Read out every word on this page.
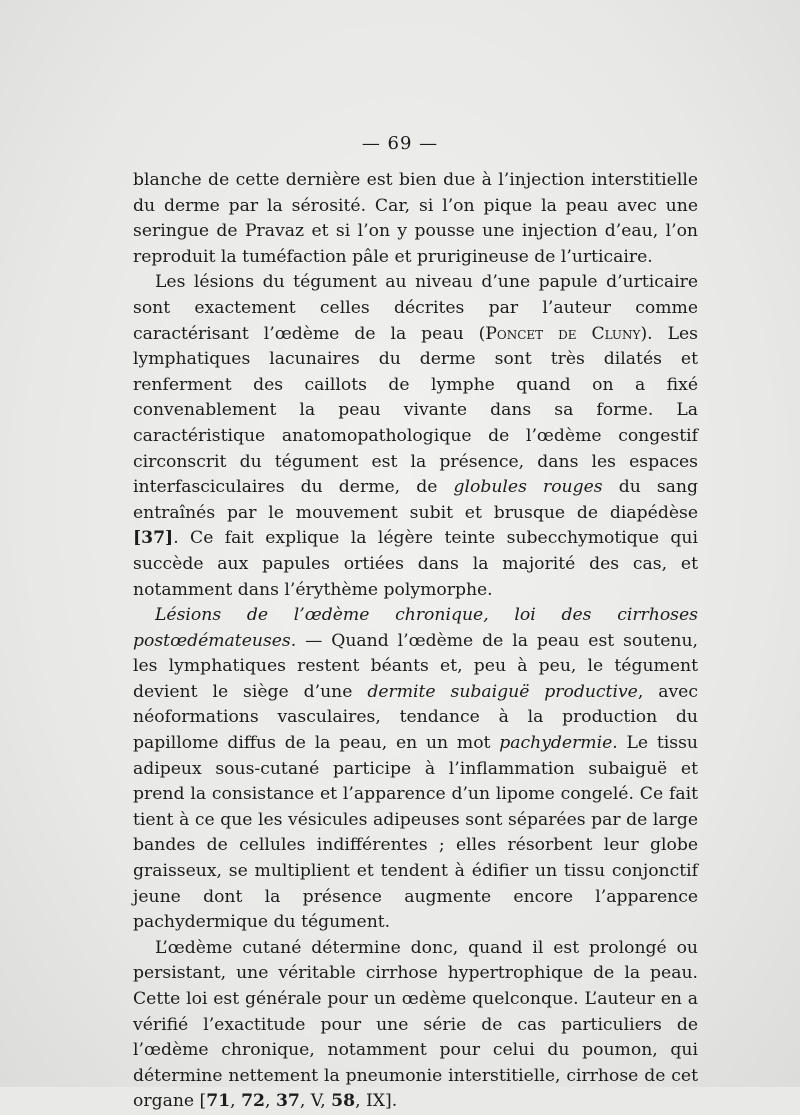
— 69 —

blanche de cette dernière est bien due à l’injection interstitielle du derme par la sérosité. Car, si l’on pique la peau avec une seringue de Pravaz et si l’on y pousse une injection d’eau, l’on reproduit la tuméfaction pâle et prurigineuse de l’urticaire.

Les lésions du tégument au niveau d’une papule d’urticaire sont exactement celles décrites par l’auteur comme caractérisant l’œdème de la peau (Poncet de Cluny). Les lymphatiques lacunaires du derme sont très dilatés et renferment des caillots de lymphe quand on a fixé convenablement la peau vivante dans sa forme. La caractéristique anatomopathologique de l’œdème congestif circonscrit du tégument est la présence, dans les espaces interfasciculaires du derme, de globules rouges du sang entraînés par le mouvement subit et brusque de diapédèse [37]. Ce fait explique la légère teinte subecchymotique qui succède aux papules ortiées dans la majorité des cas, et notamment dans l’érythème polymorphe.

Lésions de l’œdème chronique, loi des cirrhoses postœdémateuses. — Quand l’œdème de la peau est soutenu, les lymphatiques restent béants et, peu à peu, le tégument devient le siège d’une dermite subaiguë productive, avec néoformations vasculaires, tendance à la production du papillome diffus de la peau, en un mot pachydermie. Le tissu adipeux sous-cutané participe à l’inflammation subaiguë et prend la consistance et l’apparence d’un lipome congelé. Ce fait tient à ce que les vésicules adipeuses sont séparées par de large bandes de cellules indifférentes ; elles résorbent leur globe graisseux, se multiplient et tendent à édifier un tissu conjonctif jeune dont la présence augmente encore l’apparence pachydermique du tégument.

L’œdème cutané détermine donc, quand il est prolongé ou persistant, une véritable cirrhose hypertrophique de la peau. Cette loi est générale pour un œdème quelconque. L’auteur en a vérifié l’exactitude pour une série de cas particuliers de l’œdème chronique, notamment pour celui du poumon, qui détermine nettement la pneumonie interstitielle, cirrhose de cet organe [71, 72, 37, V, 58, IX].
